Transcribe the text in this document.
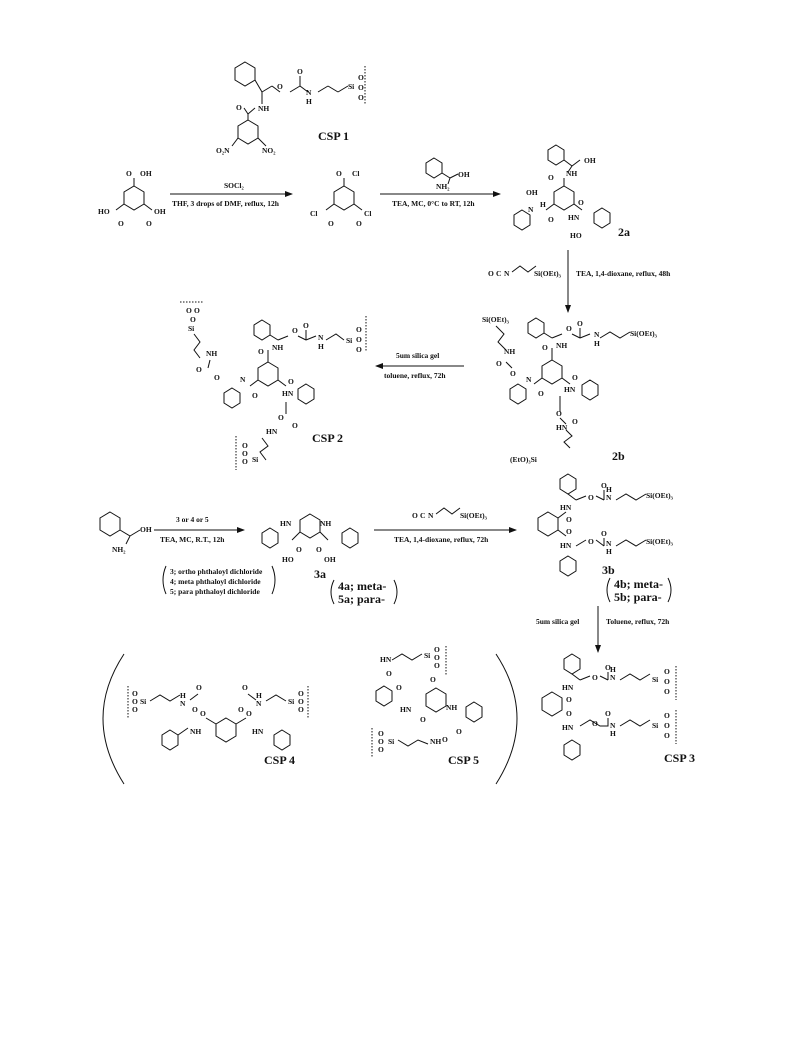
O
O
N
H
Si
O
O
O
NH
O
O₂N	NO₂
CSP 1
O OH
HO
O	O
OH
SOCl₂
THF, 3 drops of DMF, reflux, 12h
O Cl
Cl
O	O
Cl
OH
NH₂
TEA, MC, 0°C to RT, 12h
OH
NH
O
OH
H
N
O
O
HN
HO	2a
O C N	Si(OEt)₃ TEA, 1,4-dioxane, reflux, 48h
O
O
N
H
Si(OEt)₃
NH
O
Si(OEt)₃
NH
O
O
N
O
O
HN
O
O
HN
(EtO)₃Si	2b
5um silica gel
toluene, reflux, 72h
O O
O
Si
NH
O
O
O
O
N
H
Si
O
O
O
NH
O
N
O
O
HN
O
O
HN
Si
O
O
O
CSP 2
OH
NH₂
3 or 4 or 5
TEA, MC, R.T., 12h
3; ortho phthaloyl dichloride
4; meta phthaloyl dichloride
5; para phthaloyl dichloride
HN	NH
O O
HO	OH
3a
4a; meta-
5a; para-
O C N	Si(OEt)₃
TEA, 1,4-dioxane, reflux, 72h
O
O
N
H
Si(OEt)₃
HN
O
O
HN O
O
N
H
Si(OEt)₃
3b
4b; meta-
5b; para-
5um silica gel	Toluene, reflux, 72h
O
O
N
H
Si
O
O
O
HN
O
O
HN	O
O
N
H
Si
O
O
O
CSP 3
O
O
O
Si
H
N
O
O
NH
O	O
HN
O
O
H
N	Si
O
O
O
CSP 4
HN	Si
O
O
O
O
O
HN
O
O
NH
O
O
NH
Si
O
O
O
CSP 5
